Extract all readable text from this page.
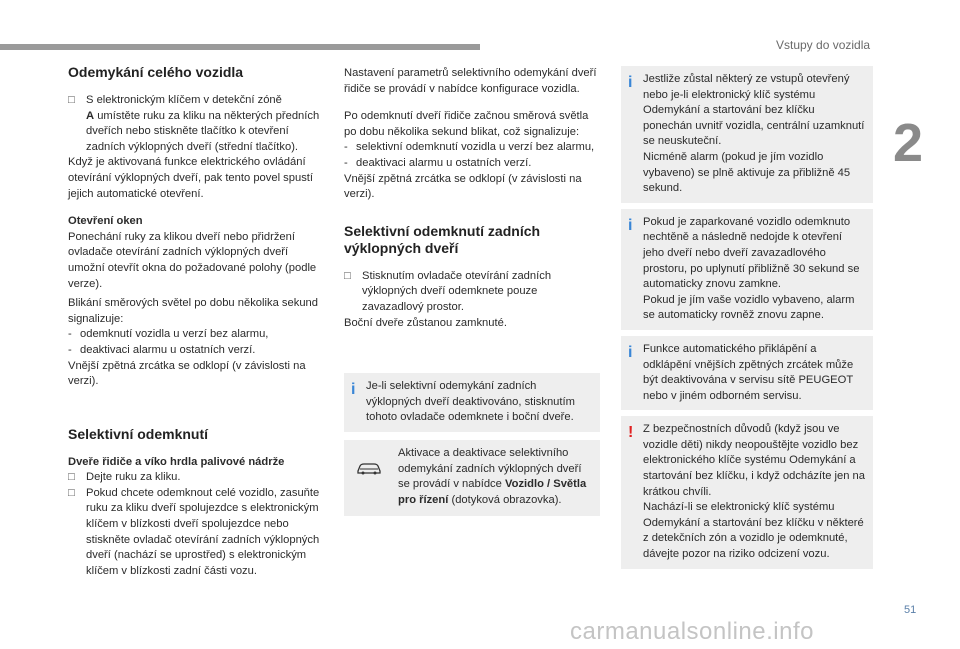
Vstupy do vozidla
2
Odemykání celého vozidla
□ S elektronickým klíčem v detekční zóně
A umístěte ruku za kliku na některých předních dveřích nebo stiskněte tlačítko k otevření zadních výklopných dveří (střední tlačítko).

Když je aktivovaná funkce elektrického ovládání otevírání výklopných dveří, pak tento povel spustí jejich automatické otevření.

Otevření oken

Ponechání ruky za klikou dveří nebo přidržení ovladače otevírání zadních výklopných dveří umožní otevřít okna do požadované polohy (podle verze).

Blikání směrových světel po dobu několika sekund signalizuje:

- odemknutí vozidla u verzí bez alarmu,
- deaktivaci alarmu u ostatních verzí.

Vnější zpětná zrcátka se odklopí (v závislosti na verzi).

Selektivní odemknutí

Dveře řidiče a víko hrdla palivové nádrže

□ Dejte ruku za kliku.
□ Pokud chcete odemknout celé vozidlo, zasuňte ruku za kliku dveří spolujezdce s elektronickým klíčem v blízkosti dveří spolujezdce nebo stiskněte ovladač otevírání zadních výklopných dveří (nachází se uprostřed) s elektronickým klíčem v blízkosti zadní části vozu.

Nastavení parametrů selektivního odemykání dveří řidiče se provádí v nabídce konfigurace vozidla.

Po odemknutí dveří řidiče začnou směrová světla po dobu několika sekund blikat, což signalizuje:

- selektivní odemknutí vozidla u verzí bez alarmu,
- deaktivaci alarmu u ostatních verzí.

Vnější zpětná zrcátka se odklopí (v závislosti na verzi).

Selektivní odemknutí zadních výklopných dveří
□ Stisknutím ovladače otevírání zadních výklopných dveří odemknete pouze zavazadlový prostor.

Boční dveře zůstanou zamknuté.

i Je-li selektivní odemykání zadních výklopných dveří deaktivováno, stisknutím tohoto ovladače odemknete i boční dveře.

Aktivace a deaktivace selektivního odemykání zadních výklopných dveří se provádí v nabídce Vozidlo / Světla pro řízení (dotyková obrazovka).

i Jestliže zůstal některý ze vstupů otevřený nebo je-li elektronický klíč systému Odemykání a startování bez klíčku ponechán uvnitř vozidla, centrální uzamknutí se neuskuteční.

Nicméně alarm (pokud je jím vozidlo vybaveno) se plně aktivuje za přibližně 45 sekund.

i Pokud je zaparkované vozidlo odemknuto nechtěně a následně nedojde k otevření jeho dveří nebo dveří zavazadlového prostoru, po uplynutí přibližně 30 sekund se automaticky znovu zamkne.

Pokud je jím vaše vozidlo vybaveno, alarm se automaticky rovněž znovu zapne.

i Funkce automatického přiklápění a odklápění vnějších zpětných zrcátek může být deaktivována v servisu sítě PEUGEOT nebo v jiném odborném servisu.

! Z bezpečnostních důvodů (když jsou ve vozidle děti) nikdy neopouštějte vozidlo bez elektronického klíče systému Odemykání a startování bez klíčku, i když odcházíte jen na krátkou chvíli.

Nachází-li se elektronický klíč systému Odemykání a startování bez klíčku v některé z detekčních zón a vozidlo je odemknuté, dávejte pozor na riziko odcizení vozu.

51
carmanualsonline.info
